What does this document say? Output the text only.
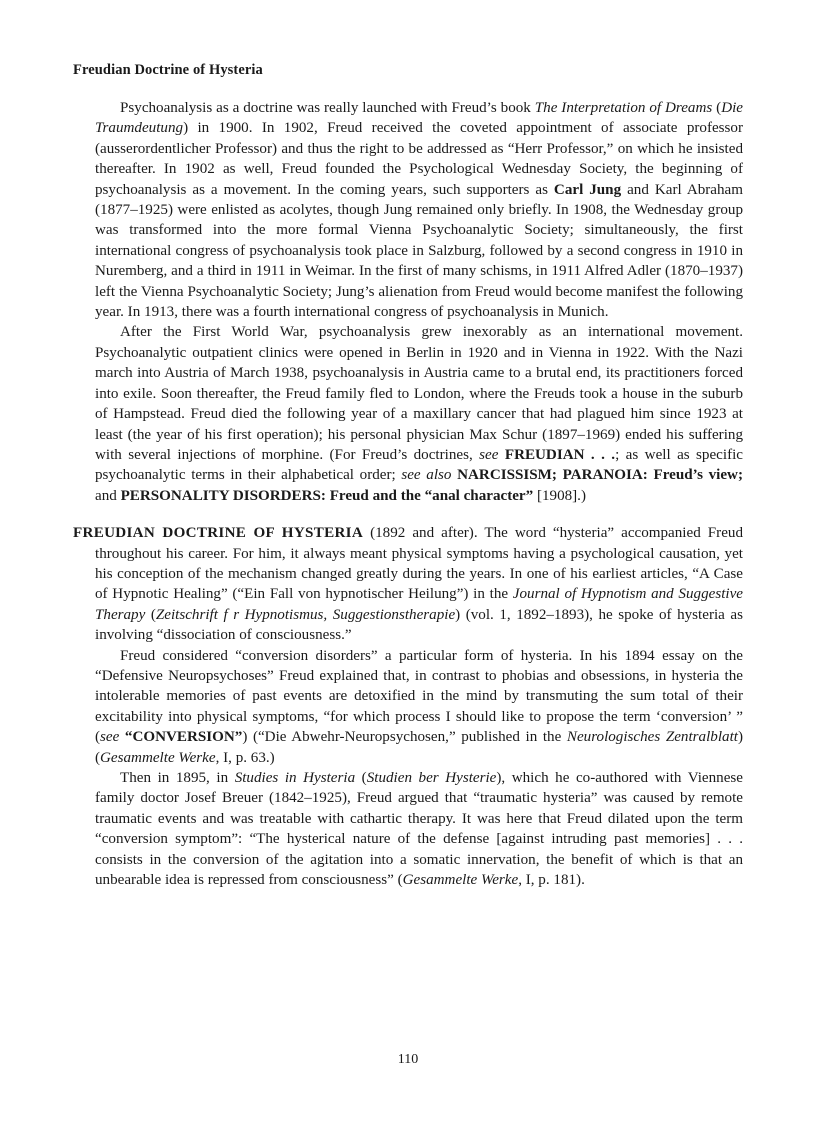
Freudian Doctrine of Hysteria

Psychoanalysis as a doctrine was really launched with Freud’s book The Interpretation of Dreams (Die Traumdeutung) in 1900. In 1902, Freud received the coveted appointment of associate professor (ausserordentlicher Professor) and thus the right to be addressed as “Herr Professor,” on which he insisted thereafter. In 1902 as well, Freud founded the Psychological Wednesday Society, the beginning of psychoanalysis as a movement. In the coming years, such supporters as Carl Jung and Karl Abraham (1877–1925) were enlisted as acolytes, though Jung remained only briefly. In 1908, the Wednesday group was transformed into the more formal Vienna Psychoanalytic Society; simultaneously, the first international congress of psychoanalysis took place in Salzburg, followed by a second congress in 1910 in Nuremberg, and a third in 1911 in Weimar. In the first of many schisms, in 1911 Alfred Adler (1870–1937) left the Vienna Psychoanalytic Society; Jung’s alienation from Freud would become manifest the following year. In 1913, there was a fourth international congress of psychoanalysis in Munich.

After the First World War, psychoanalysis grew inexorably as an international movement. Psychoanalytic outpatient clinics were opened in Berlin in 1920 and in Vienna in 1922. With the Nazi march into Austria of March 1938, psychoanalysis in Austria came to a brutal end, its practitioners forced into exile. Soon thereafter, the Freud family fled to London, where the Freuds took a house in the suburb of Hampstead. Freud died the following year of a maxillary cancer that had plagued him since 1923 at least (the year of his first operation); his personal physician Max Schur (1897–1969) ended his suffering with several injections of morphine. (For Freud’s doctrines, see FREUDIAN . . .; as well as specific psychoanalytic terms in their alphabetical order; see also NARCISSISM; PARANOIA: Freud’s view; and PERSONALITY DISORDERS: Freud and the “anal character” [1908].)

FREUDIAN DOCTRINE OF HYSTERIA (1892 and after). The word “hysteria” accompanied Freud throughout his career. For him, it always meant physical symptoms having a psychological causation, yet his conception of the mechanism changed greatly during the years. In one of his earliest articles, “A Case of Hypnotic Healing” (“Ein Fall von hypnotischer Heilung”) in the Journal of Hypnotism and Suggestive Therapy (Zeitschrift f r Hypnotismus, Suggestionstherapie) (vol. 1, 1892–1893), he spoke of hysteria as involving “dissociation of consciousness.”

Freud considered “conversion disorders” a particular form of hysteria. In his 1894 essay on the “Defensive Neuropsychoses” Freud explained that, in contrast to phobias and obsessions, in hysteria the intolerable memories of past events are detoxified in the mind by transmuting the sum total of their excitability into physical symptoms, “for which process I should like to propose the term ‘conversion’ ” (see “CONVERSION”) (“Die Abwehr-Neuropsychosen,” published in the Neurologisches Zentralblatt) (Gesammelte Werke, I, p. 63.)

Then in 1895, in Studies in Hysteria (Studien ber Hysterie), which he co-authored with Viennese family doctor Josef Breuer (1842–1925), Freud argued that “traumatic hysteria” was caused by remote traumatic events and was treatable with cathartic therapy. It was here that Freud dilated upon the term “conversion symptom”: “The hysterical nature of the defense [against intruding past memories] . . . consists in the conversion of the agitation into a somatic innervation, the benefit of which is that an unbearable idea is repressed from consciousness” (Gesammelte Werke, I, p. 181).

110
